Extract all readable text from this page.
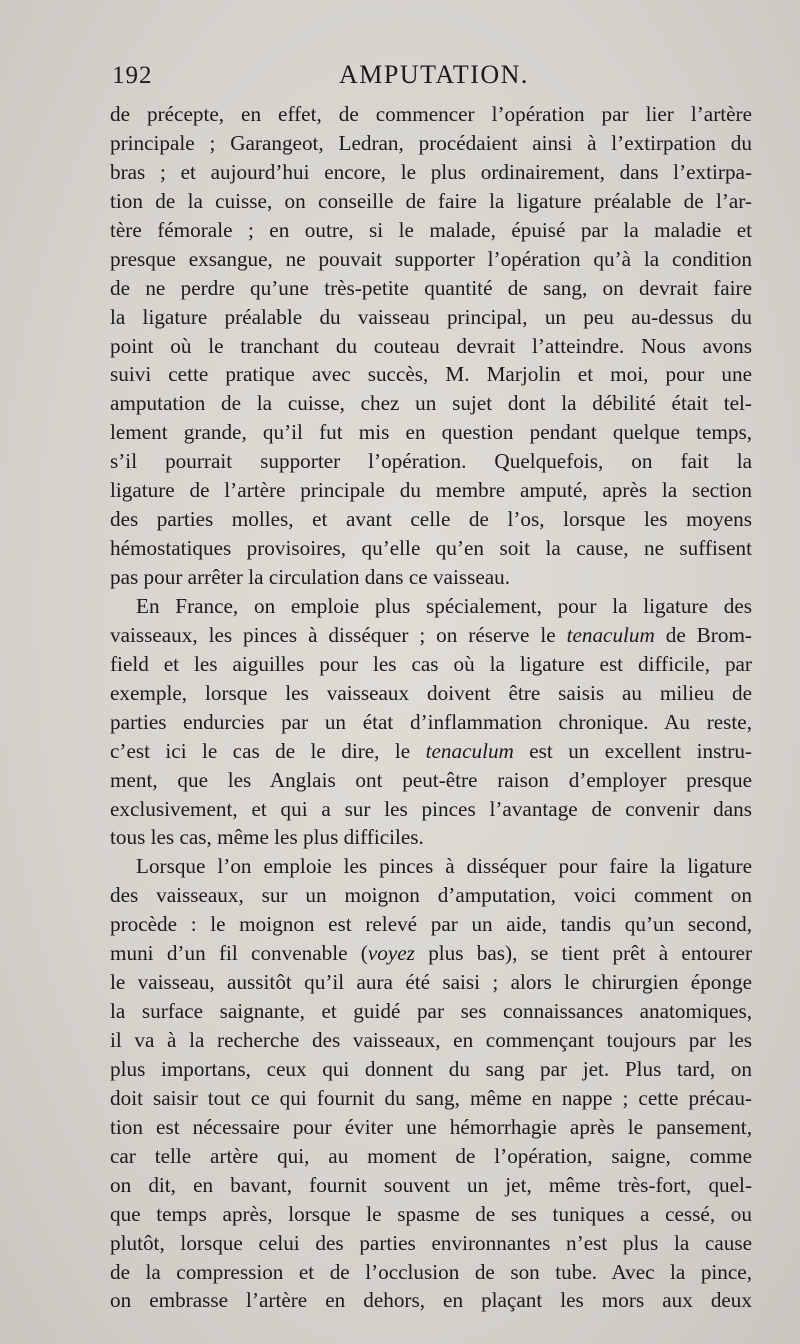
192	AMPUTATION.
de précepte, en effet, de commencer l’opération par lier l’artère
principale ; Garangeot, Ledran, procédaient ainsi à l’extirpation du
bras ; et aujourd’hui encore, le plus ordinairement, dans l’extirpa-
tion de la cuisse, on conseille de faire la ligature préalable de l’ar-
tère fémorale ; en outre, si le malade, épuisé par la maladie et
presque exsangue, ne pouvait supporter l’opération qu’à la condition
de ne perdre qu’une très-petite quantité de sang, on devrait faire
la ligature préalable du vaisseau principal, un peu au-dessus du
point où le tranchant du couteau devrait l’atteindre. Nous avons
suivi cette pratique avec succès, M. Marjolin et moi, pour une
amputation de la cuisse, chez un sujet dont la débilité était tel-
lement grande, qu’il fut mis en question pendant quelque temps,
s’il pourrait supporter l’opération. Quelquefois, on fait la
ligature de l’artère principale du membre amputé, après la section
des parties molles, et avant celle de l’os, lorsque les moyens
hémostatiques provisoires, qu’elle qu’en soit la cause, ne suffisent
pas pour arrêter la circulation dans ce vaisseau.
En France, on emploie plus spécialement, pour la ligature des
vaisseaux, les pinces à disséquer ; on réserve le tenaculum de Brom-
field et les aiguilles pour les cas où la ligature est difficile, par
exemple, lorsque les vaisseaux doivent être saisis au milieu de
parties endurcies par un état d’inflammation chronique. Au reste,
c’est ici le cas de le dire, le tenaculum est un excellent instru-
ment, que les Anglais ont peut-être raison d’employer presque
exclusivement, et qui a sur les pinces l’avantage de convenir dans
tous les cas, même les plus difficiles.
Lorsque l’on emploie les pinces à disséquer pour faire la ligature
des vaisseaux, sur un moignon d’amputation, voici comment on
procède : le moignon est relevé par un aide, tandis qu’un second,
muni d’un fil convenable (voyez plus bas), se tient prêt à entourer
le vaisseau, aussitôt qu’il aura été saisi ; alors le chirurgien éponge
la surface saignante, et guidé par ses connaissances anatomiques,
il va à la recherche des vaisseaux, en commençant toujours par les
plus importans, ceux qui donnent du sang par jet. Plus tard, on
doit saisir tout ce qui fournit du sang, même en nappe ; cette précau-
tion est nécessaire pour éviter une hémorrhagie après le pansement,
car telle artère qui, au moment de l’opération, saigne, comme
on dit, en bavant, fournit souvent un jet, même très-fort, quel-
que temps après, lorsque le spasme de ses tuniques a cessé, ou
plutôt, lorsque celui des parties environnantes n’est plus la cause
de la compression et de l’occlusion de son tube. Avec la pince,
on embrasse l’artère en dehors, en plaçant les mors aux deux
